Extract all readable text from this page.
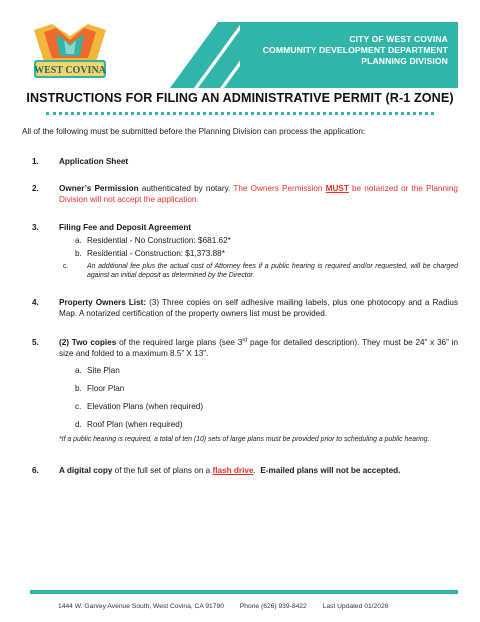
WEST COVINA
CITY OF WEST COVINA
COMMUNITY DEVELOPMENT DEPARTMENT
PLANNING DIVISION
INSTRUCTIONS FOR FILING AN ADMINISTRATIVE PERMIT (R-1 ZONE)
All of the following must be submitted before the Planning Division can process the application:
1. Application Sheet
2. Owner’s Permission authenticated by notary. The Owners Permission MUST be notarized or the Planning Division will not accept the application.
3. Filing Fee and Deposit Agreement
a. Residential - No Construction: $681.62*
b. Residential - Construction: $1,373.88*
c.	An additional fee plus the actual cost of Attorney fees if a public hearing is required and/or requested, will be charged against an initial deposit as determined by the Director.
4. Property Owners List: (3) Three copies on self adhesive mailing labels, plus one photocopy and a Radius Map. A notarized certification of the property owners list must be provided.
5. (2) Two copies of the required large plans (see 3rd page for detailed description). They must be 24” x 36” in size and folded to a maximum 8.5” X 13”.
a. Site Plan
b. Floor Plan
c. Elevation Plans (when required)
d. Roof Plan (when required)
*If a public hearing is required, a total of ten (10) sets of large plans must be provided prior to scheduling a public hearing.
6. A digital copy of the full set of plans on a flash drive. E-mailed plans will not be accepted.
1444 W. Garvey Avenue South, West Covina, CA 91790 Phone (626) 939-8422 Last Updated 01/2026
